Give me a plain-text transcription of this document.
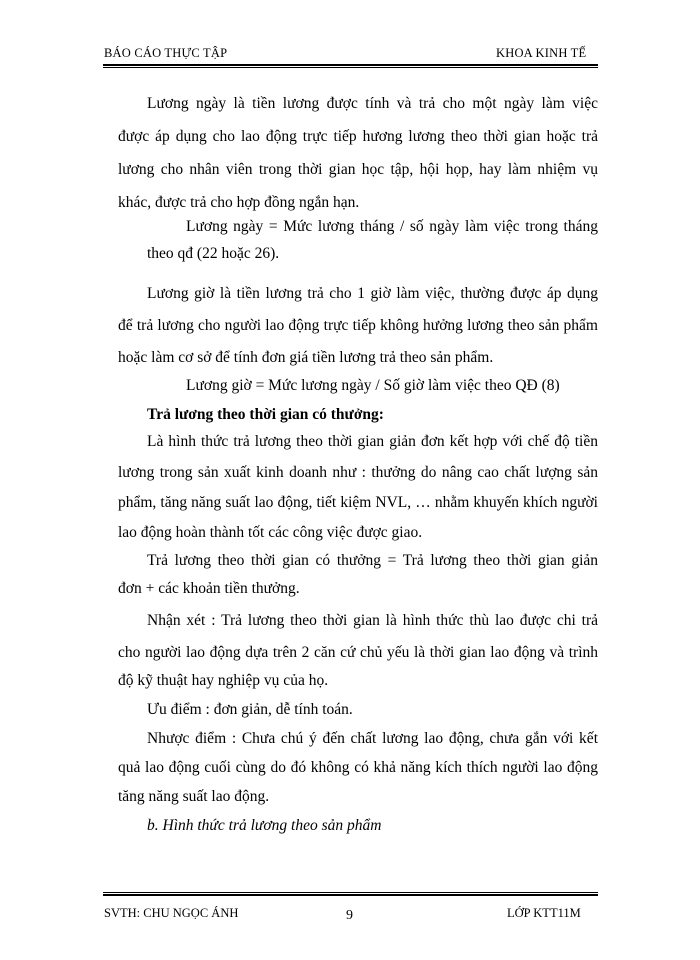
BÁO CÁO THỰC TẬP	KHOA KINH TẾ
Lương ngày là tiền lương được tính và trả cho một ngày làm việc
được áp dụng cho lao động trực tiếp hương lương theo thời gian hoặc trả
lương cho nhân viên trong thời gian học tập, hội họp, hay làm nhiệm vụ
khác, được trả cho hợp đồng ngắn hạn.
Lương ngày = Mức lương tháng / số ngày làm việc trong tháng
theo qđ (22 hoặc 26).
Lương giờ là tiền lương trả cho 1 giờ làm việc, thường được áp dụng
để trả lương cho người lao động trực tiếp không hưởng lương theo sản phẩm
hoặc làm cơ sở để tính đơn giá tiền lương trả theo sản phẩm.
Lương giờ = Mức lương ngày / Số giờ làm việc theo QĐ (8)
Trả lương theo thời gian có thưởng:
Là hình thức trả lương theo thời gian giản đơn kết hợp với chế độ tiền
lương trong sản xuất kinh doanh như : thưởng do nâng cao chất lượng sản
phẩm, tăng năng suất lao động, tiết kiệm NVL, … nhằm khuyến khích người
lao động hoàn thành tốt các công việc được giao.
Trả lương theo thời gian có thưởng = Trả lương theo thời gian giản
đơn + các khoản tiền thưởng.
Nhận xét : Trả lương theo thời gian là hình thức thù lao được chi trả
cho người lao động dựa trên 2 căn cứ chủ yếu là thời gian lao động và trình
độ kỹ thuật hay nghiệp vụ của họ.
Ưu điểm : đơn giản, dễ tính toán.
Nhược điểm : Chưa chú ý đến chất lương lao động, chưa gắn với kết
quả lao động cuối cùng do đó không có khả năng kích thích người lao động
tăng năng suất lao động.
SVTH: CHU NGỌC ÁNH	9	LỚP KTT11M
b. Hình thức trả lương theo sản phẩm
